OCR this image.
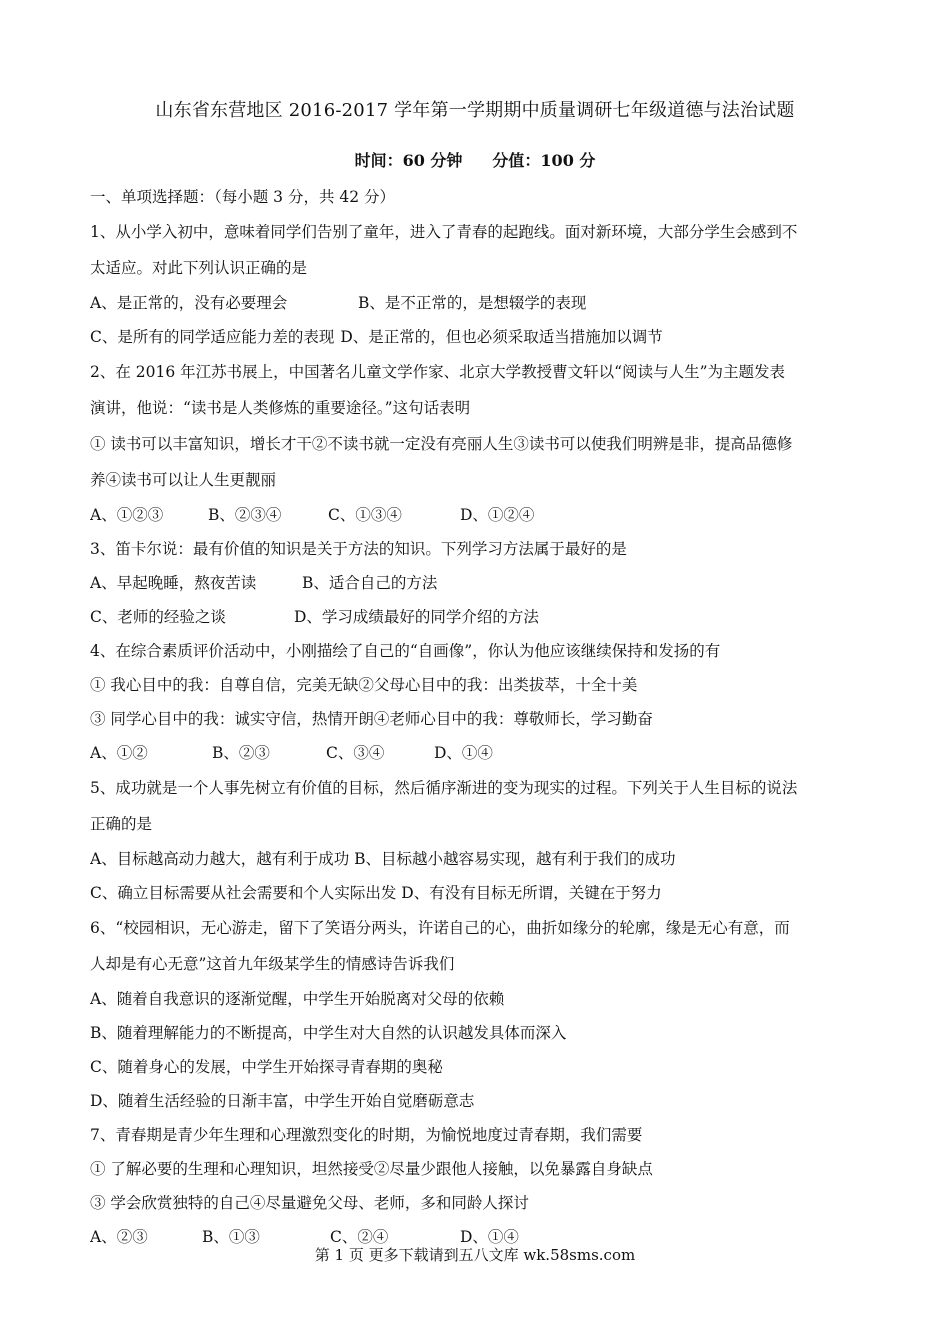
山东省东营地区 2016-2017 学年第一学期期中质量调研七年级道德与法治试题
时间：60 分钟 分值：100 分
一、单项选择题：（每小题 3 分，共 42 分）
1、从小学入初中，意味着同学们告别了童年，进入了青春的起跑线。面对新环境，大部分学生会感到不
太适应。对此下列认识正确的是
A、是正常的，没有必要理会	B、是不正常的，是想辍学的表现
C、是所有的同学适应能力差的表现 D、是正常的，但也必须采取适当措施加以调节
2、在 2016 年江苏书展上，中国著名儿童文学作家、北京大学教授曹文轩以“阅读与人生”为主题发表
演讲，他说：“读书是人类修炼的重要途径。”这句话表明
① 读书可以丰富知识，增长才干②不读书就一定没有亮丽人生③读书可以使我们明辨是非，提高品德修
养④读书可以让人生更靓丽
A、①②③	B、②③④	C、①③④	D、①②④
3、笛卡尔说：最有价值的知识是关于方法的知识。下列学习方法属于最好的是
A、早起晚睡，熬夜苦读	B、适合自己的方法
C、老师的经验之谈	D、学习成绩最好的同学介绍的方法
4、在综合素质评价活动中，小刚描绘了自己的“自画像”，你认为他应该继续保持和发扬的有
① 我心目中的我：自尊自信，完美无缺②父母心目中的我：出类拔萃，十全十美
③ 同学心目中的我：诚实守信，热情开朗④老师心目中的我：尊敬师长，学习勤奋
A、①②	B、②③	C、③④	D、①④
5、成功就是一个人事先树立有价值的目标，然后循序渐进的变为现实的过程。下列关于人生目标的说法
正确的是
A、目标越高动力越大，越有利于成功 B、目标越小越容易实现，越有利于我们的成功
C、确立目标需要从社会需要和个人实际出发 D、有没有目标无所谓，关键在于努力
6、“校园相识，无心游走，留下了笑语分两头，许诺自己的心，曲折如缘分的轮廓，缘是无心有意，而
人却是有心无意”这首九年级某学生的情感诗告诉我们
A、随着自我意识的逐渐觉醒，中学生开始脱离对父母的依赖
B、随着理解能力的不断提高，中学生对大自然的认识越发具体而深入
C、随着身心的发展，中学生开始探寻青春期的奥秘
D、随着生活经验的日渐丰富，中学生开始自觉磨砺意志
7、青春期是青少年生理和心理激烈变化的时期，为愉悦地度过青春期，我们需要
① 了解必要的生理和心理知识，坦然接受②尽量少跟他人接触，以免暴露自身缺点
③ 学会欣赏独特的自己④尽量避免父母、老师，多和同龄人探讨
A、②③	B、①③	C、②④	D、①④
第 1 页 更多下载请到五八文库 wk.58sms.com
